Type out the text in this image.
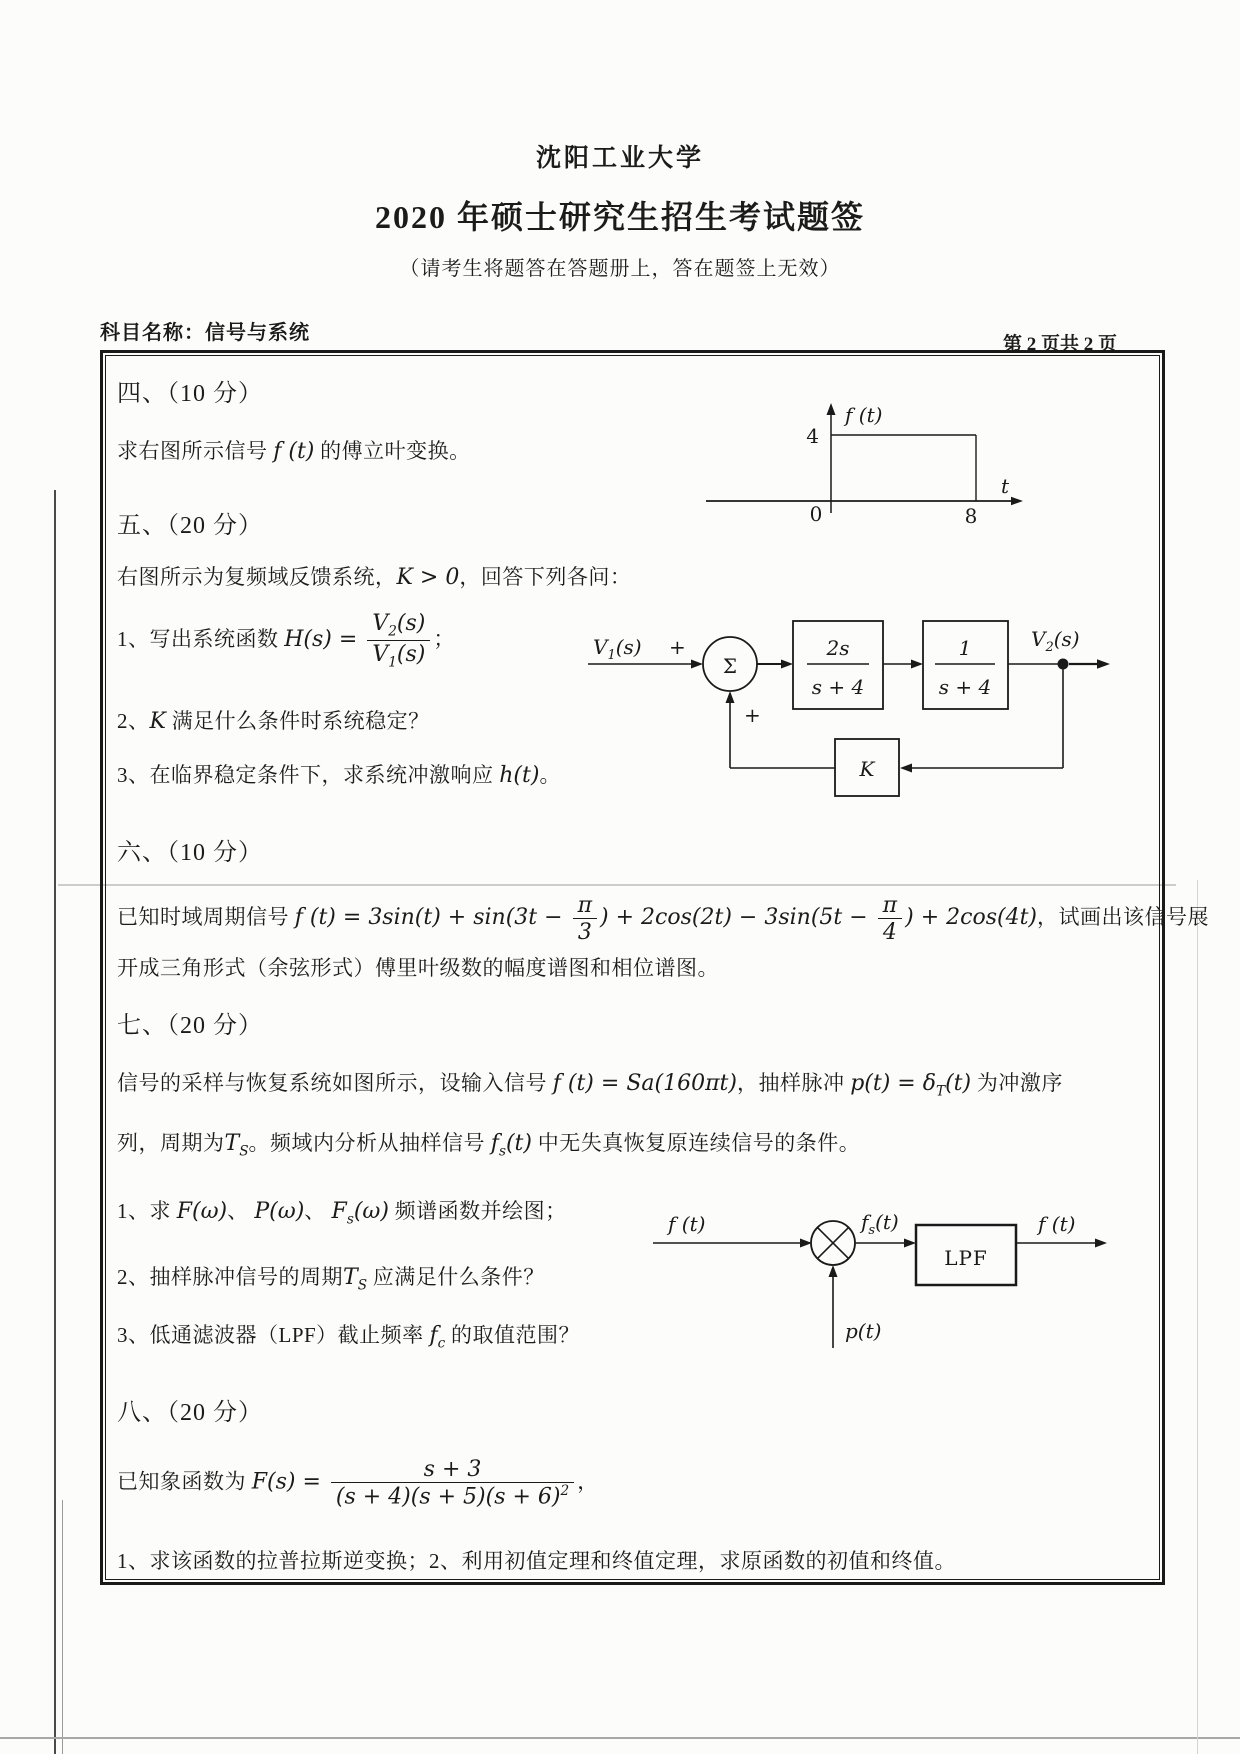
沈阳工业大学
2020 年硕士研究生招生考试题签
（请考生将题答在答题册上，答在题签上无效）
科目名称：信号与系统
第 2 页共 2 页
四、（10 分）
求右图所示信号 f (t) 的傅立叶变换。
f (t)
4
0	8
t
五、（20 分）
右图所示为复频域反馈系统，K > 0，回答下列各问：
1、写出系统函数 $H(s) = \frac{V_2(s)}{V_1(s)}$ ；	$V_1(s)$ +
Σ
2s
s + 4
1
s + 4
$V_2(s)$
K
+
2、K 满足什么条件时系统稳定？
3、在临界稳定条件下，求系统冲激响应 h(t)。
六、（10 分）
已知时域周期信号 f $(t) = 3\sin(t) + \sin(3t - \frac{\pi}{3}$ ) + $2\cos(2t) - 3\sin(5t - \frac{\pi}{4}$ ) + 2cos(4t)，试画出该信号展
开成三角形式（余弦形式）傅里叶级数的幅度谱图和相位谱图。
七、（20 分）
信号的采样与恢复系统如图所示，设输入信号 f (t) = Sa(160πt)，抽样脉冲 $p(t) = \delta_T(t)$ 为冲激序
列，周期为$T_S$。频域内分析从抽样信号 $f_s(t)$ 中无失真恢复原连续信号的条件。
1、求 F(ω)、 P(ω)、 $F_s(\omega)$ 频谱函数并绘图；
f (t)	$f_s(t)$
LPF
f (t)
p(t)
2、抽样脉冲信号的周期$T_S$ 应满足什么条件？
3、低通滤波器（LPF）截止频率 $f_c$ 的取值范围？
八、（20 分）
已知象函数为 $F(s) = \frac{s + 3}{(s + 4)(s + 5)(s + 6)^2}$ ，
1、求该函数的拉普拉斯逆变换；2、利用初值定理和终值定理，求原函数的初值和终值。
